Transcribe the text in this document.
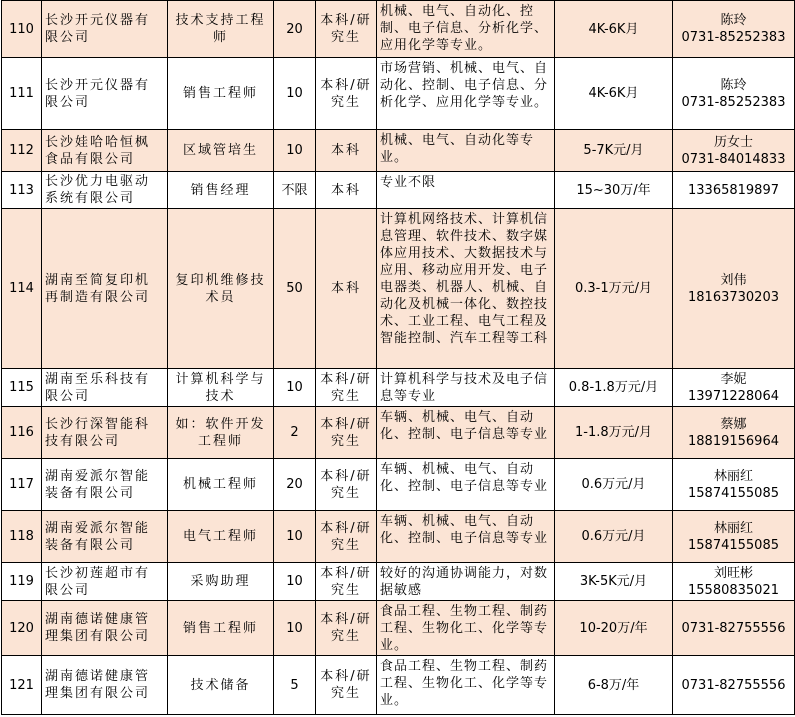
110	长沙开元仪器有限公司	技术支持工程师	20	本科/研究生	机械、电气、自动化、控制、电子信息、分析化学、应用化学等专业。	4K-6K月	陈玲
0731-85252383
111	长沙开元仪器有限公司	销售工程师	10	本科/研究生	市场营销、机械、电气、自动化、控制、电子信息、分析化学、应用化学等专业。	4K-6K月	陈玲
0731-85252383
112	长沙娃哈哈恒枫食品有限公司	区域管培生	10	本科	机械、电气、自动化等专业。	5-7K元/月	历女士
0731-84014833
113	长沙优力电驱动系统有限公司	销售经理	不限	本科	专业不限	15~30万/年	13365819897
114	湖南至简复印机再制造有限公司	复印机维修技术员	50	本科	计算机网络技术、计算机信息管理、软件技术、数字媒体应用技术、大数据技术与应用、移动应用开发、电子电器类、机器人、机械、自动化及机械一体化、数控技术、工业工程、电气工程及智能控制、汽车工程等工科	0.3-1万元/月	刘伟18163730203
115	湖南至乐科技有限公司	计算机科学与技术	10	本科/研究生	计算机科学与技术及电子信息等专业	0.8-1.8万元/月	李妮
13971228064
116	长沙行深智能科技有限公司	如：软件开发工程师	2	本科/研究生	车辆、机械、电气、自动化、控制、电子信息等专业	1-1.8万元/月	蔡娜
18819156964
117	湖南爱派尔智能装备有限公司	机械工程师	20	本科/研究生	车辆、机械、电气、自动化、控制、电子信息等专业	0.6万元/月	林丽红
15874155085
118	湖南爱派尔智能装备有限公司	电气工程师	10	本科/研究生	车辆、机械、电气、自动化、控制、电子信息等专业	0.6万元/月	林丽红
15874155085
119	长沙初莲超市有限公司	采购助理	10	本科/研究生	较好的沟通协调能力，对数据敏感	3K-5K元/月	刘旺彬
15580835021
120	湖南德诺健康管理集团有限公司	销售工程师	10	本科/研究生	食品工程、生物工程、制药工程、生物化工、化学等专业。	10-20万/年	0731-82755556
121	湖南德诺健康管理集团有限公司	技术储备	5	本科/研究生	食品工程、生物工程、制药工程、生物化工、化学等专业。	6-8万/年	0731-82755556
